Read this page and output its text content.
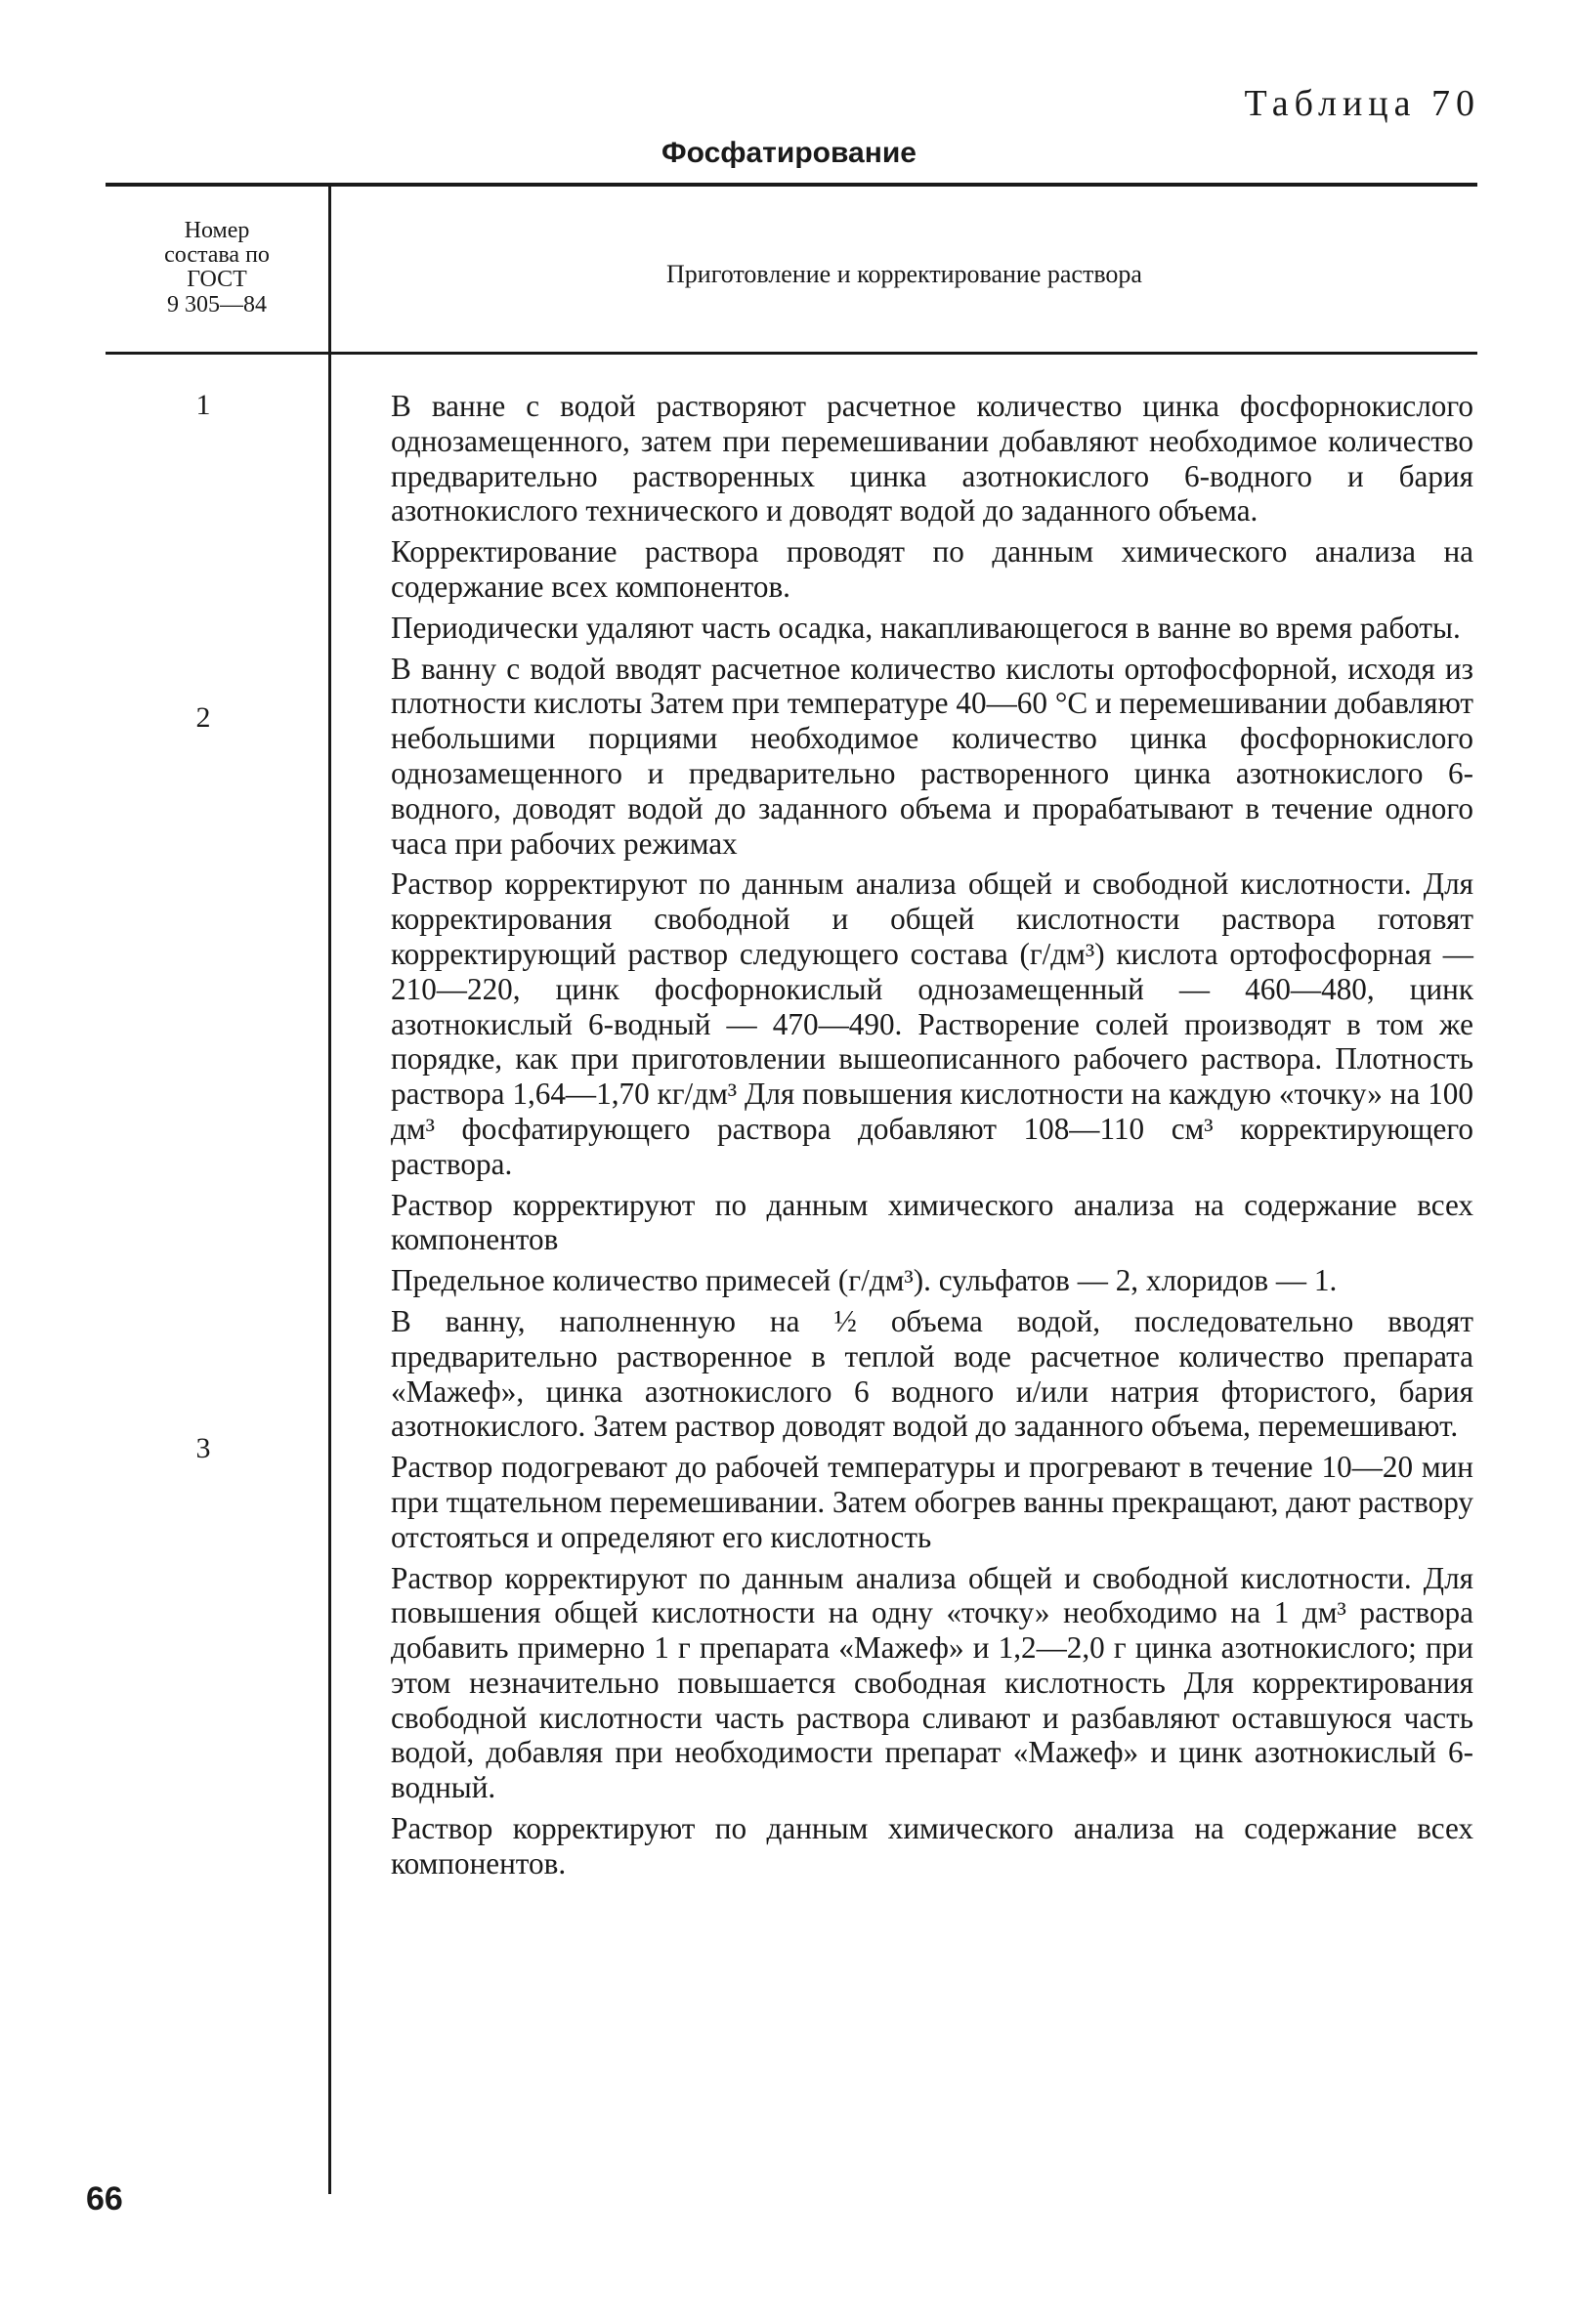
Таблица 70
Фосфатирование
Номер
состава по
ГОСТ
9 305—84
Приготовление и корректирование раствора
1
2
3

В ванне с водой растворяют расчетное количество цинка фосфорнокислого однозамещенного, затем при перемешивании добавляют необходимое количество предварительно растворенных цинка азотнокислого 6-водного и бария азотнокислого технического и доводят водой до заданного объема.

Корректирование раствора проводят по данным химического анализа на содержание всех компонентов.

Периодически удаляют часть осадка, накапливающегося в ванне во время работы.

В ванну с водой вводят расчетное количество кислоты ортофосфорной, исходя из плотности кислоты Затем при температуре 40—60 °С и перемешивании добавляют небольшими порциями необходимое количество цинка фосфорнокислого однозамещенного и предварительно растворенного цинка азотнокислого 6-водного, доводят водой до заданного объема и прорабатывают в течение одного часа при рабочих режимах

Раствор корректируют по данным анализа общей и свободной кислотности. Для корректирования свободной и общей кислотности раствора готовят корректирующий раствор следующего состава (г/дм³) кислота ортофосфорная — 210—220, цинк фосфорнокислый однозамещенный — 460—480, цинк азотнокислый 6-водный — 470—490. Растворение солей производят в том же порядке, как при приготовлении вышеописанного рабочего раствора. Плотность раствора 1,64—1,70 кг/дм³ Для повышения кислотности на каждую «точку» на 100 дм³ фосфатирующего раствора добавляют 108—110 см³ корректирующего раствора.

Раствор корректируют по данным химического анализа на содержание всех компонентов

Предельное количество примесей (г/дм³). сульфатов — 2, хлоридов — 1.

В ванну, наполненную на ½ объема водой, последовательно вводят предварительно растворенное в теплой воде расчетное количество препарата «Мажеф», цинка азотнокислого 6 водного и/или натрия фтористого, бария азотнокислого. Затем раствор доводят водой до заданного объема, перемешивают.

Раствор подогревают до рабочей температуры и прогревают в течение 10—20 мин при тщательном перемешивании. Затем обогрев ванны прекращают, дают раствору отстояться и определяют его кислотность

Раствор корректируют по данным анализа общей и свободной кислотности. Для повышения общей кислотности на одну «точку» необходимо на 1 дм³ раствора добавить примерно 1 г препарата «Мажеф» и 1,2—2,0 г цинка азотнокислого; при этом незначительно повышается свободная кислотность Для корректирования свободной кислотности часть раствора сливают и разбавляют оставшуюся часть водой, добавляя при необходимости препарат «Мажеф» и цинк азотнокислый 6-водный.

Раствор корректируют по данным химического анализа на содержание всех компонентов.

66
